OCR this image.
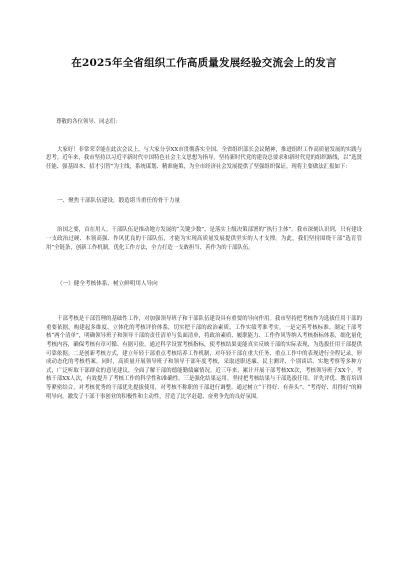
在2025年全省组织工作高质量发展经验交流会上的发言

尊敬的各位领导、同志们：

大家好！非常荣幸能在此次会议上，与大家分享XX市贯彻落实全国、全省组织部长会议精神，推进组织工作高质量发展的实践与思考。近年来，我市坚持以习近平新时代中国特色社会主义思想为指导，坚持新时代党的建设总要求和新时代党的组织路线，以“选贤任能、强基固本、招才引智”为主线，系统谋划、精准施策，为全市经济社会发展提供了坚强组织保证。现将主要做法汇报如下：

一、聚焦干部队伍建设，锻造堪当重任的骨干力量

治国之要，首在用人。干部队伍是推动地方发展的“关键少数”，是落实上级决策部署的“执行主体”。我市深刻认识到，只有建设一支政治过硬、本领高强、作风优良的干部队伍，才能为实现高质量发展提供坚实的人才支撑。为此，我们坚持围绕干部“选育管用”全链条，创新工作机制，优化工作方法，全力打造一支敢担当、善作为的干部队伍。

（一）健全考核体系，树立鲜明用人导向

干部考核是干部管理的基础性工作，对加强领导班子和干部队伍建设具有重要的导向作用。我市坚持把考核作为选拔任用干部的重要依据，构建起多维度、立体化的考核评价体系，切实把干部的政治素质、工作实绩考准考实。一是完善考核标准。制定干部考核“两个清单”，明确领导班子和领导干部的责任清单与负面清单，将政治素质、履职能力、工作作风等纳入考核指标体系，细化量化考核内容，确保考核有章可循、有据可依。通过科学设置考核指标，使考核结果更能真实反映干部的实际表现，为选拔任用干部提供可靠依据。二是创新考核方式，建立年轻干部重点考核培养工作机制，对年轻干部在重大任务、重点工作中的表现进行全程记录，形成动态化的考核档案。同时，高质量开展领导班子和领导干部年度考核，采取述职述廉、民主测评、个别谈话、实地考察等多种方式，广泛听取干部群众的意见建议，全面了解干部的德能勤绩廉情况。近三年来，累计开展干部考核XX次，考核领导班子XX个，考核干部XX人次，有效提升了考核工作的科学性和准确性。三是强化结果运用。坚持把考核结果与干部选拔任用、评先评优、教育培训等紧密结合，对考核优秀的干部优先提拔使用，对考核不称职的干部进行调整。通过树立“干得好、有奔头”、“考得好、用得好”的鲜明导向，激发了干部干事创业的积极性和主动性，营造了比学赶超、奋勇争先的良好氛围。
